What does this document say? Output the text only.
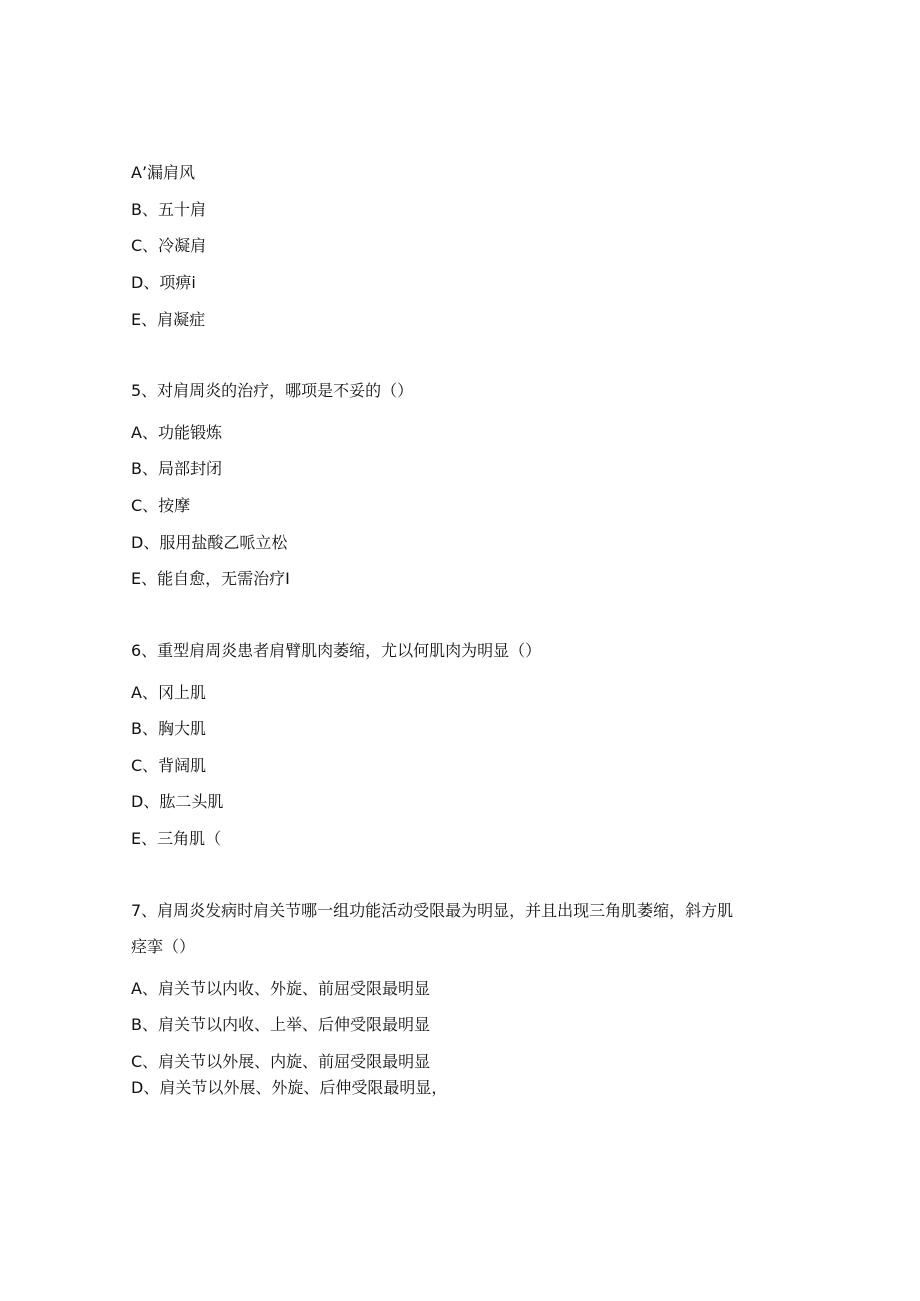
A’漏肩风

B、五十肩

C、冷凝肩

D、项痹i

E、肩凝症

5、对肩周炎的治疗，哪项是不妥的（）

A、功能锻炼

B、局部封闭

C、按摩

D、服用盐酸乙哌立松

E、能自愈，无需治疗I

6、重型肩周炎患者肩臂肌肉萎缩，尤以何肌肉为明显（）

A、冈上肌

B、胸大肌

C、背阔肌

D、肱二头肌

E、三角肌（

7、肩周炎发病时肩关节哪一组功能活动受限最为明显，并且出现三角肌萎缩，斜方肌

痉挛（）

A、肩关节以内收、外旋、前屈受限最明显

B、肩关节以内收、上举、后伸受限最明显

C、肩关节以外展、内旋、前屈受限最明显

D、肩关节以外展、外旋、后伸受限最明显，
